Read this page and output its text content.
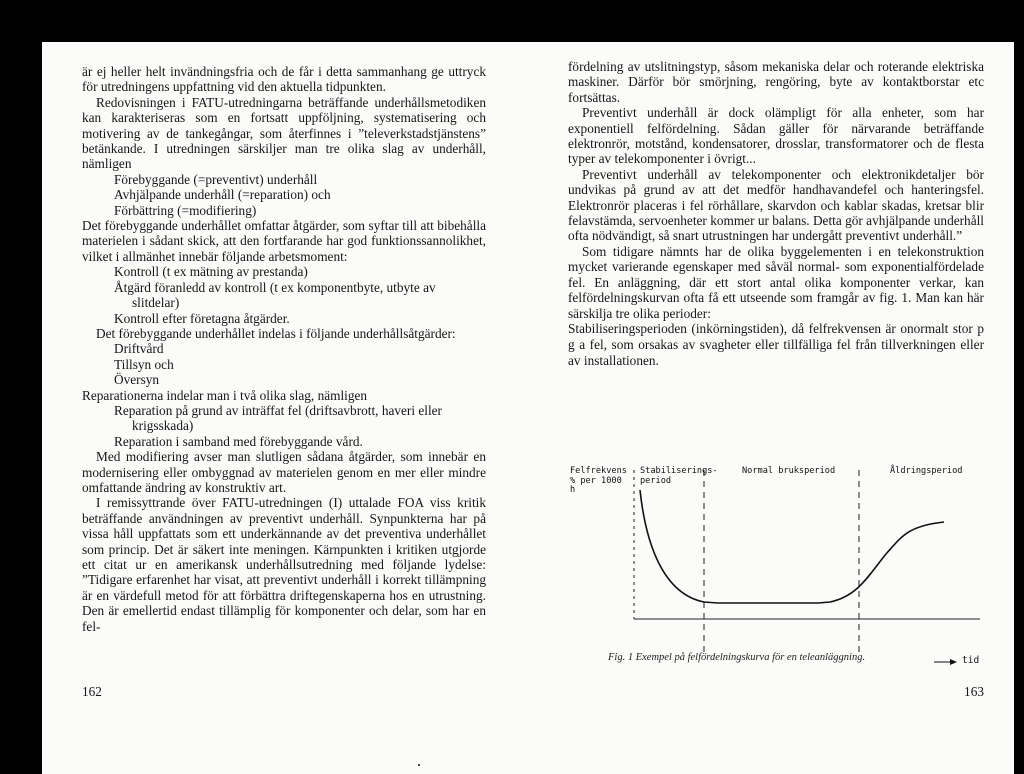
är ej heller helt invändningsfria och de får i detta sammanhang ge uttryck för utredningens uppfattning vid den aktuella tidpunkten.

Redovisningen i FATU-utredningarna beträffande underhållsmetodiken kan karakteriseras som en fortsatt uppföljning, systematisering och motivering av de tankegångar, som återfinnes i ”televerkstadstjänstens” betänkande. I utredningen särskiljer man tre olika slag av underhåll, nämligen

Förebyggande (=preventivt) underhåll
Avhjälpande underhåll (=reparation) och
Förbättring (=modifiering)

Det förebyggande underhållet omfattar åtgärder, som syftar till att bibehålla materielen i sådant skick, att den fortfarande har god funktionssannolikhet, vilket i allmänhet innebär följande arbetsmoment:

Kontroll (t ex mätning av prestanda)
Åtgärd föranledd av kontroll (t ex komponentbyte, utbyte av slitdelar)
Kontroll efter företagna åtgärder.

Det förebyggande underhållet indelas i följande underhållsåtgärder:

Driftvård
Tillsyn och
Översyn

Reparationerna indelar man i två olika slag, nämligen

Reparation på grund av inträffat fel (driftsavbrott, haveri eller krigsskada)
Reparation i samband med förebyggande vård.

Med modifiering avser man slutligen sådana åtgärder, som innebär en modernisering eller ombyggnad av materielen genom en mer eller mindre omfattande ändring av konstruktiv art.

I remissyttrande över FATU-utredningen (I) uttalade FOA viss kritik beträffande användningen av preventivt underhåll. Synpunkterna har på vissa håll uppfattats som ett underkännande av det preventiva underhållet som princip. Det är säkert inte meningen. Kärnpunkten i kritiken utgjorde ett citat ur en amerikansk underhållsutredning med följande lydelse: ”Tidigare erfarenhet har visat, att preventivt underhåll i korrekt tillämpning är en värdefull metod för att förbättra driftegenskaperna hos en utrustning. Den är emellertid endast tillämplig för komponenter och delar, som har en fel-

162

fördelning av utslitningstyp, såsom mekaniska delar och roterande elektriska maskiner. Därför bör smörjning, rengöring, byte av kontaktborstar etc fortsättas.

Preventivt underhåll är dock olämpligt för alla enheter, som har exponentiell felfördelning. Sådan gäller för närvarande beträffande elektronrör, motstånd, kondensatorer, drosslar, transformatorer och de flesta typer av telekomponenter i övrigt...

Preventivt underhåll av telekomponenter och elektronikdetaljer bör undvikas på grund av att det medför handhavandefel och hanteringsfel. Elektronrör placeras i fel rörhållare, skarvdon och kablar skadas, kretsar blir felavstämda, servoenheter kommer ur balans. Detta gör avhjälpande underhåll ofta nödvändigt, så snart utrustningen har undergått preventivt underhåll.”

Som tidigare nämnts har de olika byggelementen i en telekonstruktion mycket varierande egenskaper med såväl normal- som exponentialfördelade fel. En anläggning, där ett stort antal olika komponenter verkar, kan felfördelningskurvan ofta få ett utseende som framgår av fig. 1. Man kan här särskilja tre olika perioder:

Stabiliseringsperioden (inkörningstiden), då felfrekvensen är onormalt stor p g a fel, som orsakas av svagheter eller tillfälliga fel från tillverkningen eller av installationen.

Felfrekvens
% per 1000
h
Stabiliserings-
period
Normal bruksperiod	Åldringsperiod
tid
Fig. 1 Exempel på felfördelningskurva för en teleanläggning.
163
